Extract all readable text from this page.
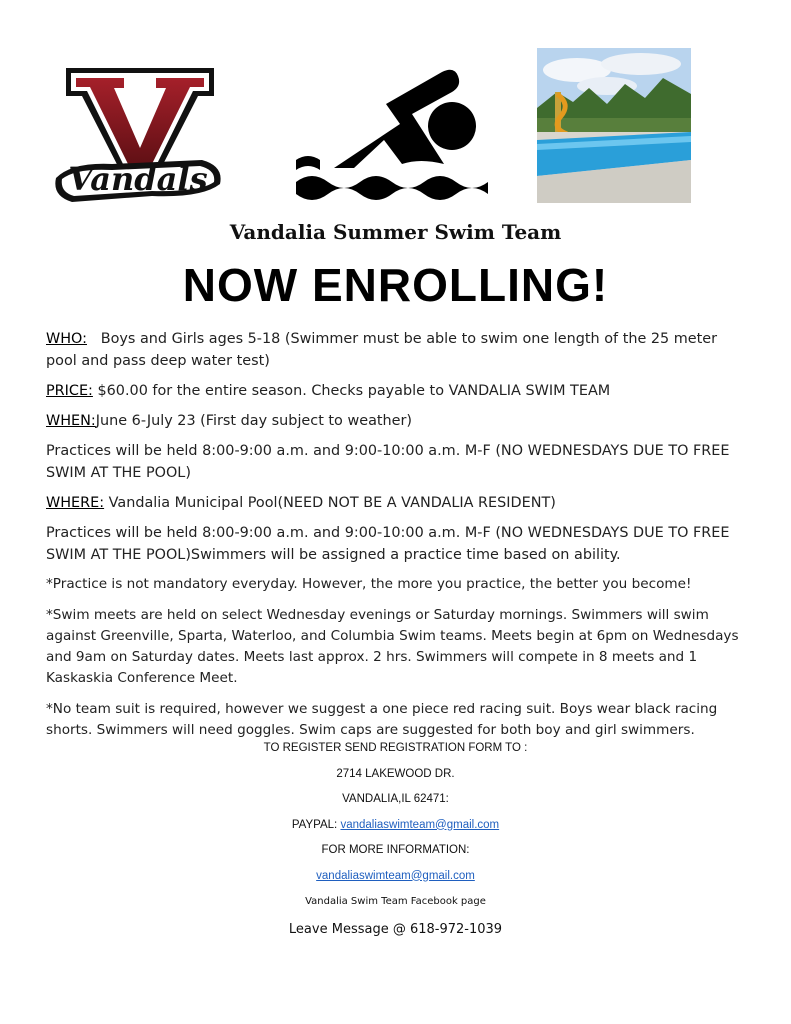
Vandals
Vandalia Summer Swim Team
NOW ENROLLING!

WHO: Boys and Girls ages 5-18 (Swimmer must be able to swim one length of the 25 meter pool and pass deep water test)

PRICE: $60.00 for the entire season. Checks payable to VANDALIA SWIM TEAM

WHEN:June 6-July 23 (First day subject to weather)

Practices will be held 8:00-9:00 a.m. and 9:00-10:00 a.m. M-F (NO WEDNESDAYS DUE TO FREE SWIM AT THE POOL)

WHERE: Vandalia Municipal Pool(NEED NOT BE A VANDALIA RESIDENT)

Practices will be held 8:00-9:00 a.m. and 9:00-10:00 a.m. M-F (NO WEDNESDAYS DUE TO FREE SWIM AT THE POOL)Swimmers will be assigned a practice time based on ability.

*Practice is not mandatory everyday. However, the more you practice, the better you become!

*Swim meets are held on select Wednesday evenings or Saturday mornings. Swimmers will swim against Greenville, Sparta, Waterloo, and Columbia Swim teams. Meets begin at 6pm on Wednesdays and 9am on Saturday dates. Meets last approx. 2 hrs. Swimmers will compete in 8 meets and 1 Kaskaskia Conference Meet.

*No team suit is required, however we suggest a one piece red racing suit. Boys wear black racing shorts. Swimmers will need goggles. Swim caps are suggested for both boy and girl swimmers.

TO REGISTER SEND REGISTRATION FORM TO :
2714 LAKEWOOD DR.
VANDALIA,IL 62471:
PAYPAL: vandaliaswimteam@gmail.com
FOR MORE INFORMATION:
vandaliaswimteam@gmail.com
Vandalia Swim Team Facebook page
Leave Message @ 618-972-1039
